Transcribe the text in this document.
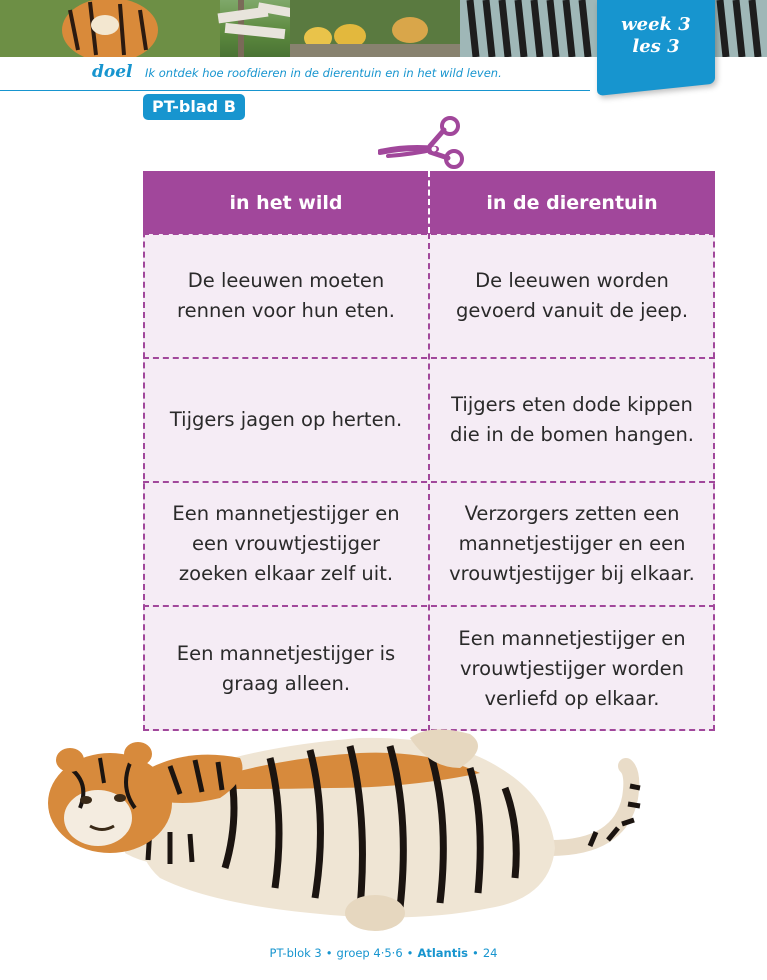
week 3
les 3
doel Ik ontdek hoe roofdieren in de dierentuin en in het wild leven.
PT-blad B
in het wild	in de dierentuin
De leeuwen moeten rennen voor hun eten.
De leeuwen worden gevoerd vanuit de jeep.
Tijgers jagen op herten.
Tijgers eten dode kippen die in de bomen hangen.
Een mannetjestijger en een vrouwtjestijger zoeken elkaar zelf uit.
Verzorgers zetten een mannetjestijger en een vrouwtjestijger bij elkaar.
Een mannetjestijger is graag alleen.
Een mannetjestijger en vrouwtjestijger worden verliefd op elkaar.
PT-blok 3 • groep 4·5·6 • Atlantis • 24
